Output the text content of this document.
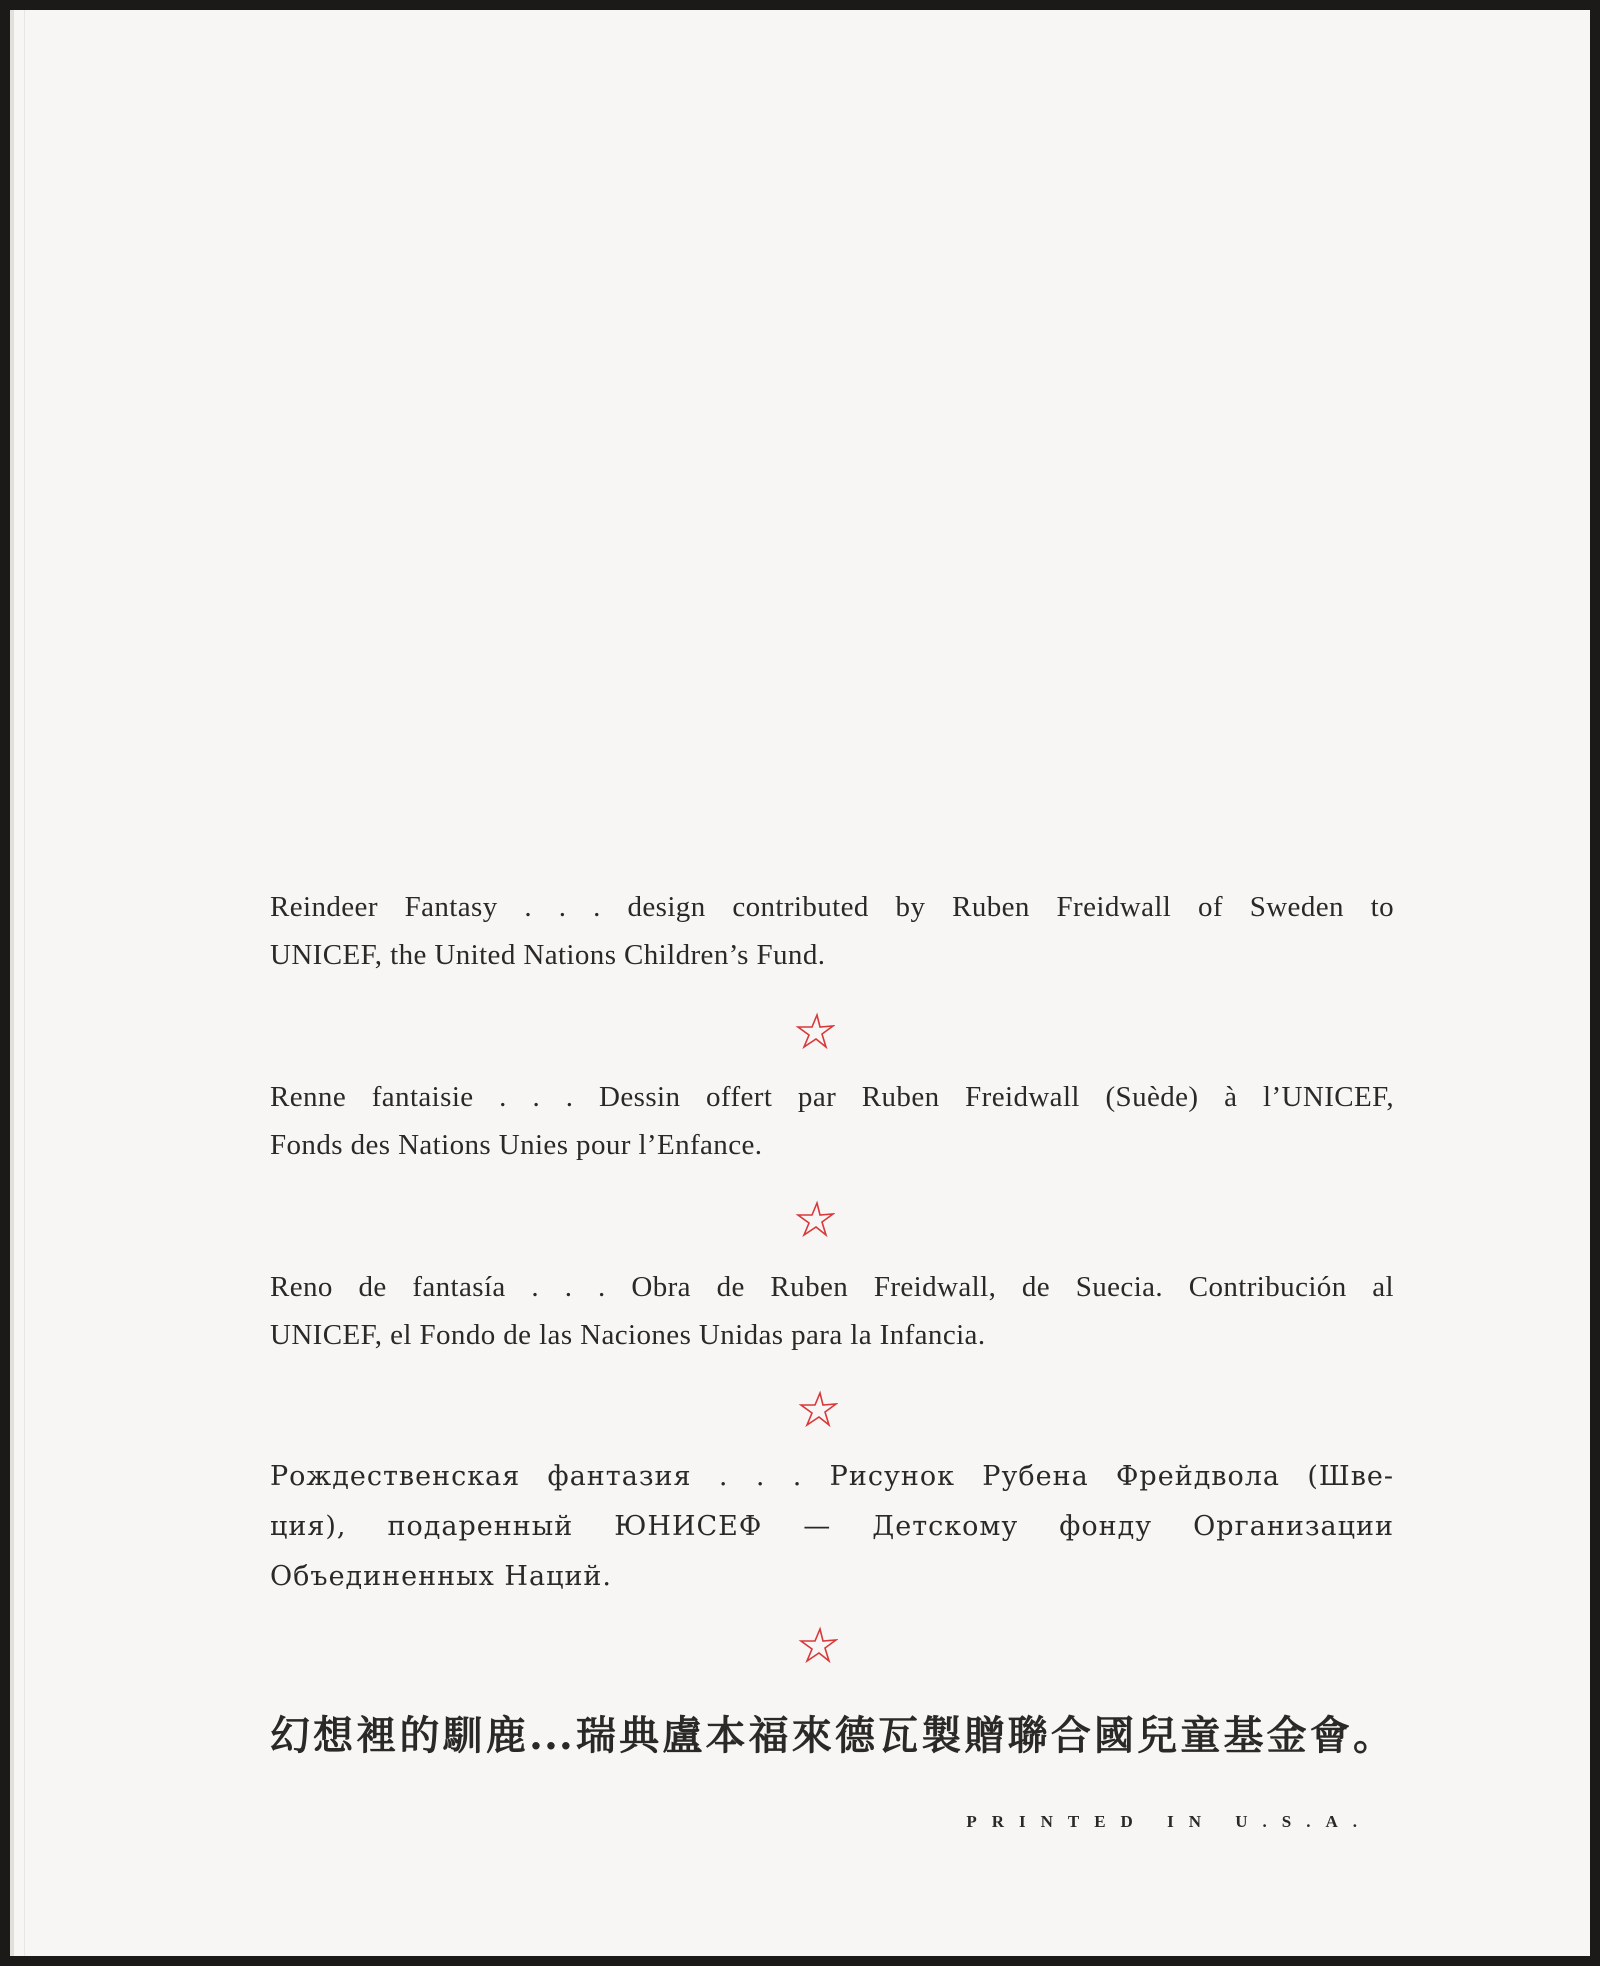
Reindeer Fantasy . . . design contributed by Ruben Freidwall of Sweden to
UNICEF, the United Nations Children’s Fund.
Renne fantaisie . . . Dessin offert par Ruben Freidwall (Suède) à l’UNICEF,
Fonds des Nations Unies pour l’Enfance.
Reno de fantasía . . . Obra de Ruben Freidwall, de Suecia. Contribución al
UNICEF, el Fondo de las Naciones Unidas para la Infancia.
Рождественская фантазия . . . Рисунок Рубена Фрейдвола (Шве-
ция), подаренный ЮНИСЕФ — Детскому фонду Организации
Объединенных Наций.
幻想裡的馴鹿...瑞典盧本福來德瓦製贈聯合國兒童基金會。
PRINTED IN U.S.A.
